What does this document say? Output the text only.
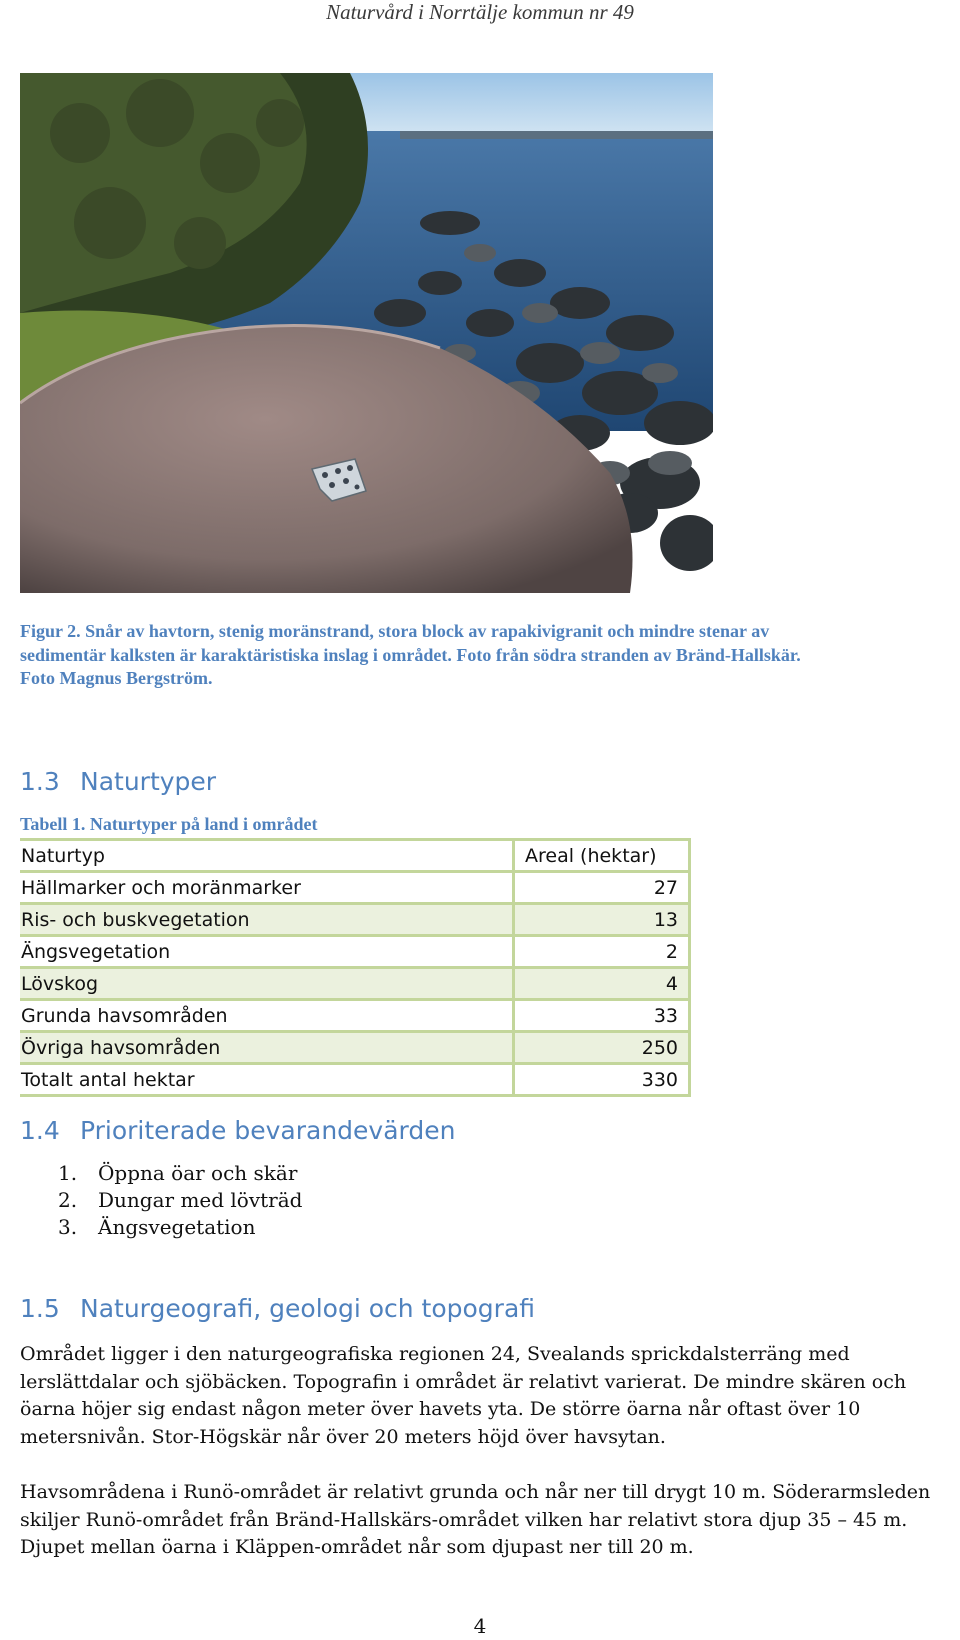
Naturvård i Norrtälje kommun nr 49
Figur 2. Snår av havtorn, stenig moränstrand, stora block av rapakivigranit och mindre stenar av sedimentär kalksten är karaktäristiska inslag i området. Foto från södra stranden av Bränd-Hallskär. Foto Magnus Bergström.
1.3 Naturtyper
Tabell 1. Naturtyper på land i området
Naturtyp	Areal (hektar)
Hällmarker och moränmarker	27
Ris- och buskvegetation	13
Ängsvegetation	2
Lövskog	4
Grunda havsområden	33
Övriga havsområden	250
Totalt antal hektar	330
1.4 Prioriterade bevarandevärden
1.	Öppna öar och skär
2.	Dungar med lövträd
3.	Ängsvegetation
1.5 Naturgeografi, geologi och topografi

Området ligger i den naturgeografiska regionen 24, Svealands sprickdalsterräng med lerslättdalar och sjöbäcken. Topografin i området är relativt varierat. De mindre skären och öarna höjer sig endast någon meter över havets yta. De större öarna når oftast över 10 metersnivån. Stor-Högskär når över 20 meters höjd över havsytan.

Havsområdena i Runö-området är relativt grunda och når ner till drygt 10 m. Söderarmsleden skiljer Runö-området från Bränd-Hallskärs-området vilken har relativt stora djup 35 – 45 m. Djupet mellan öarna i Kläppen-området når som djupast ner till 20 m.

4
